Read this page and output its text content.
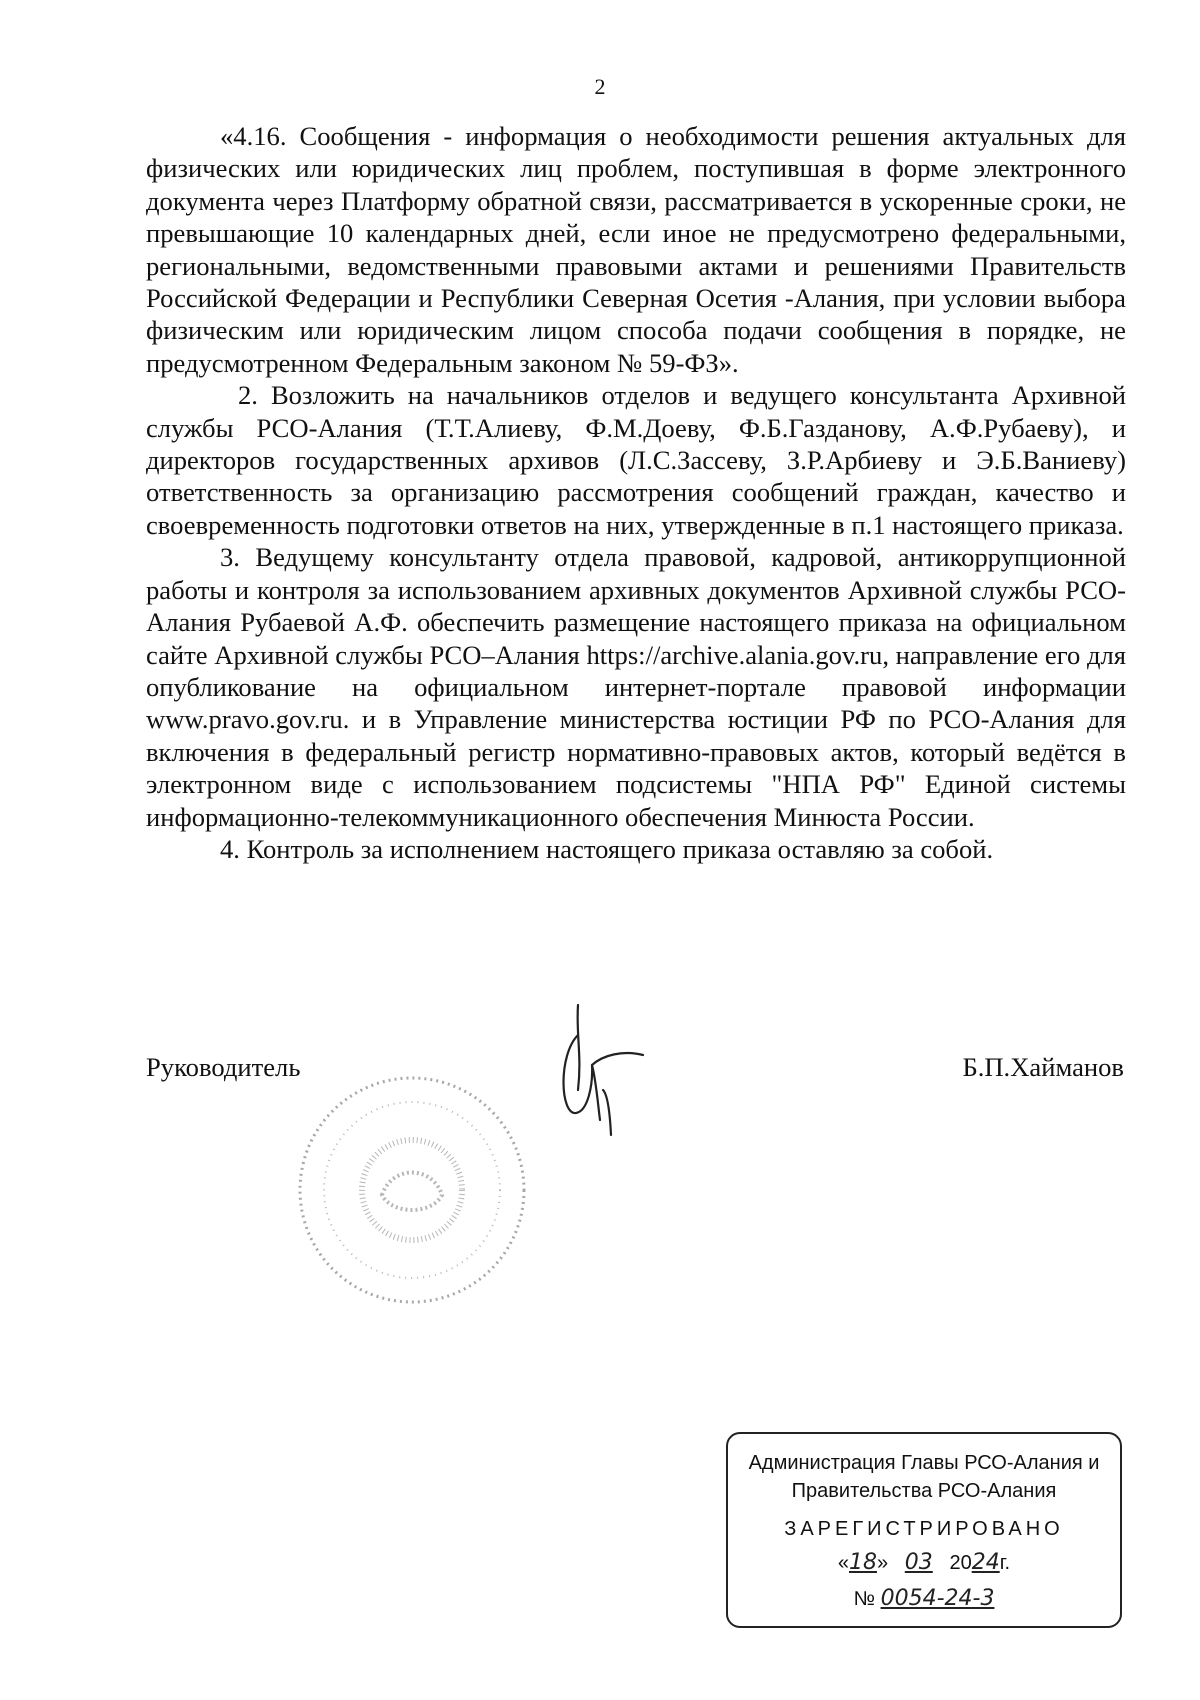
2

«4.16. Сообщения - информация о необходимости решения актуальных для физических или юридических лиц проблем, поступившая в форме электронного документа через Платформу обратной связи, рассматривается в ускоренные сроки, не превышающие 10 календарных дней, если иное не предусмотрено федеральными, региональными, ведомственными правовыми актами и решениями Правительств Российской Федерации и Республики Северная Осетия -Алания, при условии выбора физическим или юридическим лицом способа подачи сообщения в порядке, не предусмотренном Федеральным законом № 59-ФЗ».

2. Возложить на начальников отделов и ведущего консультанта Архивной службы РСО-Алания (Т.Т.Алиеву, Ф.М.Доеву, Ф.Б.Газданову, А.Ф.Рубаеву), и директоров государственных архивов (Л.С.Зассеву, З.Р.Арбиеву и Э.Б.Ваниеву) ответственность за организацию рассмотрения сообщений граждан, качество и своевременность подготовки ответов на них, утвержденные в п.1 настоящего приказа.

3. Ведущему консультанту отдела правовой, кадровой, антикоррупционной работы и контроля за использованием архивных документов Архивной службы РСО-Алания Рубаевой А.Ф. обеспечить размещение настоящего приказа на официальном сайте Архивной службы РСО–Алания https://archive.alania.gov.ru, направление его для опубликование на официальном интернет-портале правовой информации www.pravo.gov.ru. и в Управление министерства юстиции РФ по РСО-Алания для включения в федеральный регистр нормативно-правовых актов, который ведётся в электронном виде с использованием подсистемы "НПА РФ" Единой системы информационно-телекоммуникационного обеспечения Минюста России.

4. Контроль за исполнением настоящего приказа оставляю за собой.

Руководитель	Б.П.Хайманов
Администрация Главы РСО-Алания и
Правительства РСО-Алания
ЗАРЕГИСТРИРОВАНО
«18»   03 2024г.
№ 0054-24-3
